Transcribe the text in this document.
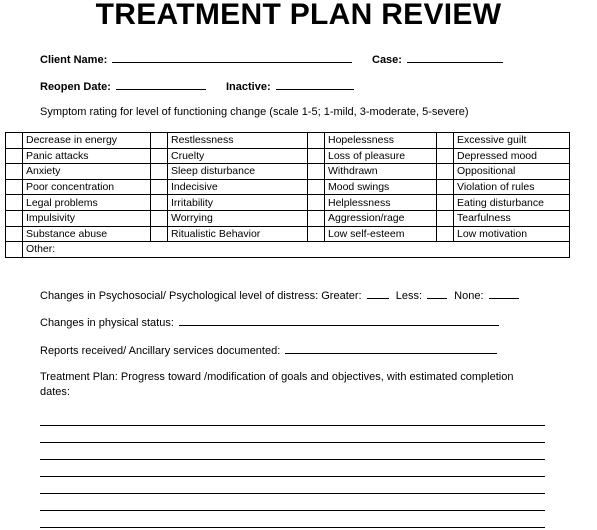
TREATMENT PLAN REVIEW
Client Name:	Case:
Reopen Date:	Inactive:
Symptom rating for level of functioning change (scale 1-5; 1-mild, 3-moderate, 5-severe)
	Decrease in energy		Restlessness		Hopelessness		Excessive guilt
	Panic attacks		Cruelty		Loss of pleasure		Depressed mood
	Anxiety		Sleep disturbance		Withdrawn		Oppositional
	Poor concentration		Indecisive		Mood swings		Violation of rules
	Legal problems		Irritability		Helplessness		Eating disturbance
	Impulsivity		Worrying		Aggression/rage		Tearfulness
	Substance abuse		Ritualistic Behavior		Low self-esteem		Low motivation
	Other:						
Changes in Psychosocial/ Psychological level of distress: Greater:	Less:	None:
Changes in physical status:
Reports received/ Ancillary services documented:
Treatment Plan: Progress toward /modification of goals and objectives, with estimated completion
dates:
